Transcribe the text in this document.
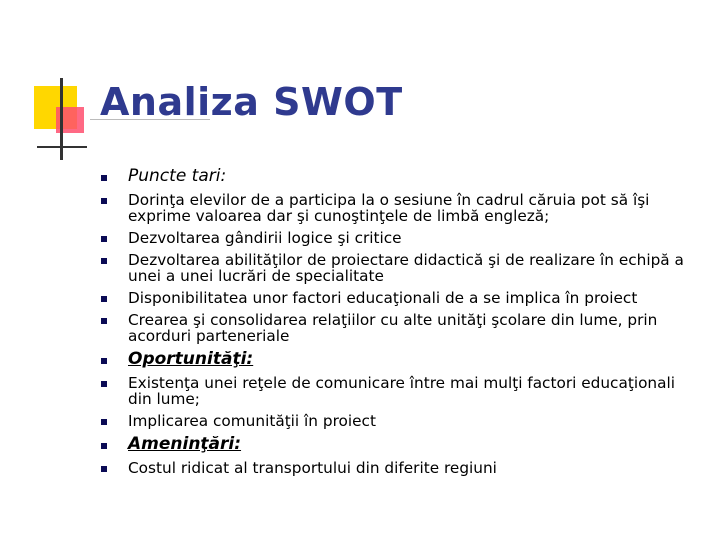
Analiza SWOT
Puncte tari:
Dorinţa elevilor de a participa la o sesiune în cadrul căruia pot să îşi exprime valoarea dar şi cunoştinţele de limbă engleză;
Dezvoltarea gândirii logice şi critice
Dezvoltarea abilităţilor de proiectare didactică şi de realizare în echipă a unei a unei lucrări de specialitate
Disponibilitatea unor factori educaţionali de a se implica în proiect
Crearea şi consolidarea relaţiilor cu alte unităţi şcolare din lume, prin acorduri parteneriale
Oportunităţi:
Existenţa unei reţele de comunicare între mai mulţi factori educaţionali din lume;
Implicarea comunităţii în proiect
Ameninţări:
Costul ridicat al transportului din diferite regiuni
